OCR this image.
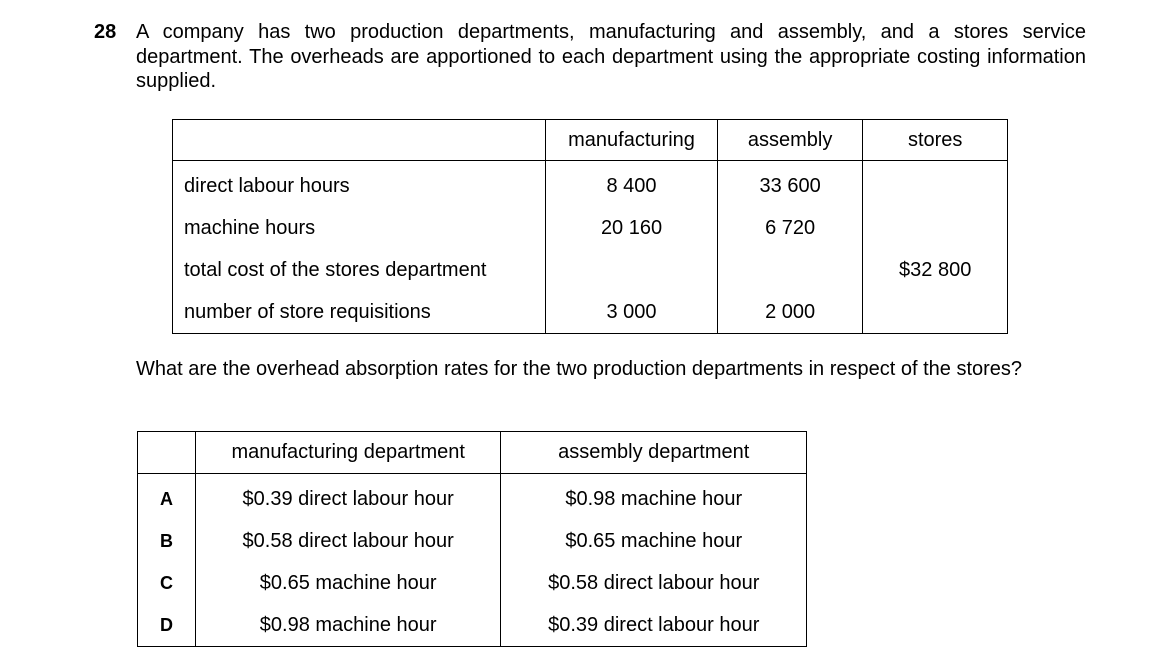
28 A company has two production departments, manufacturing and assembly, and a stores service department. The overheads are apportioned to each department using the appropriate costing information supplied.
	manufacturing	assembly	stores
direct labour hours	8 400	33 600	
machine hours	20 160	6 720	
total cost of the stores department			$32 800
number of store requisitions	3 000	2 000	
What are the overhead absorption rates for the two production departments in respect of the stores?
	manufacturing department	assembly department
A	$0.39 direct labour hour	$0.98 machine hour
B	$0.58 direct labour hour	$0.65 machine hour
C	$0.65 machine hour	$0.58 direct labour hour
D	$0.98 machine hour	$0.39 direct labour hour
